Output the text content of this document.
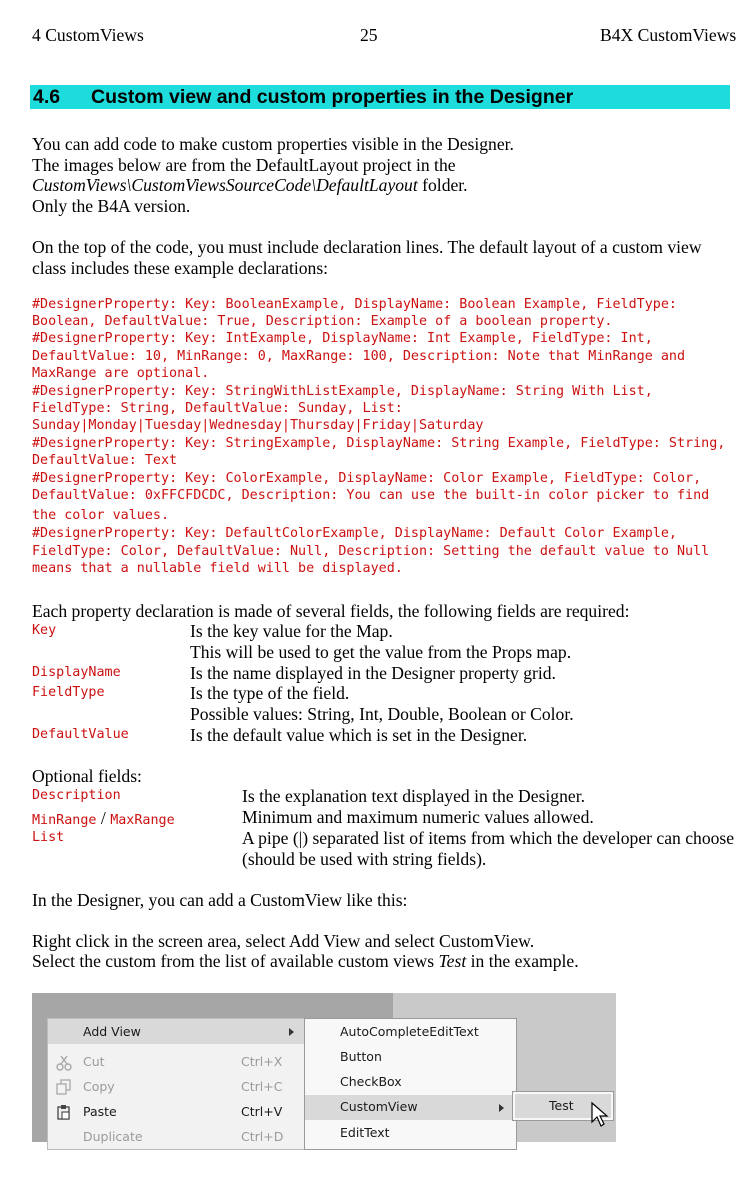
4 CustomViews	25	B4X CustomViews
4.6 Custom view and custom properties in the Designer
You can add code to make custom properties visible in the Designer.
The images below are from the DefaultLayout project in the
CustomViews\CustomViewsSourceCode\DefaultLayout folder.
Only the B4A version.
On the top of the code, you must include declaration lines. The default layout of a custom view
class includes these example declarations:
#DesignerProperty: Key: BooleanExample, DisplayName: Boolean Example, FieldType:
Boolean, DefaultValue: True, Description: Example of a boolean property.
#DesignerProperty: Key: IntExample, DisplayName: Int Example, FieldType: Int,
DefaultValue: 10, MinRange: 0, MaxRange: 100, Description: Note that MinRange and
MaxRange are optional.
#DesignerProperty: Key: StringWithListExample, DisplayName: String With List,
FieldType: String, DefaultValue: Sunday, List:
Sunday|Monday|Tuesday|Wednesday|Thursday|Friday|Saturday
#DesignerProperty: Key: StringExample, DisplayName: String Example, FieldType: String,
DefaultValue: Text
#DesignerProperty: Key: ColorExample, DisplayName: Color Example, FieldType: Color,
DefaultValue: 0xFFCFDCDC, Description: You can use the built-in color picker to find
the color values.
#DesignerProperty: Key: DefaultColorExample, DisplayName: Default Color Example,
FieldType: Color, DefaultValue: Null, Description: Setting the default value to Null
means that a nullable field will be displayed.
Each property declaration is made of several fields, the following fields are required:
Key	Is the key value for the Map.
This will be used to get the value from the Props map.
DisplayName	Is the name displayed in the Designer property grid.
FieldType	Is the type of the field.
Possible values: String, Int, Double, Boolean or Color.
DefaultValue	Is the default value which is set in the Designer.
Optional fields:
Description	Is the explanation text displayed in the Designer.
MinRange / MaxRange	Minimum and maximum numeric values allowed.
List	A pipe (|) separated list of items from which the developer can choose
(should be used with string fields).
In the Designer, you can add a CustomView like this:
Right click in the screen area, select Add View and select CustomView.
Select the custom from the list of available custom views Test in the example.
Add View
Cut	Ctrl+X
Copy	Ctrl+C
Paste	Ctrl+V
Duplicate	Ctrl+D
AutoCompleteEditText
Button
CheckBox
CustomView
EditText
Test
